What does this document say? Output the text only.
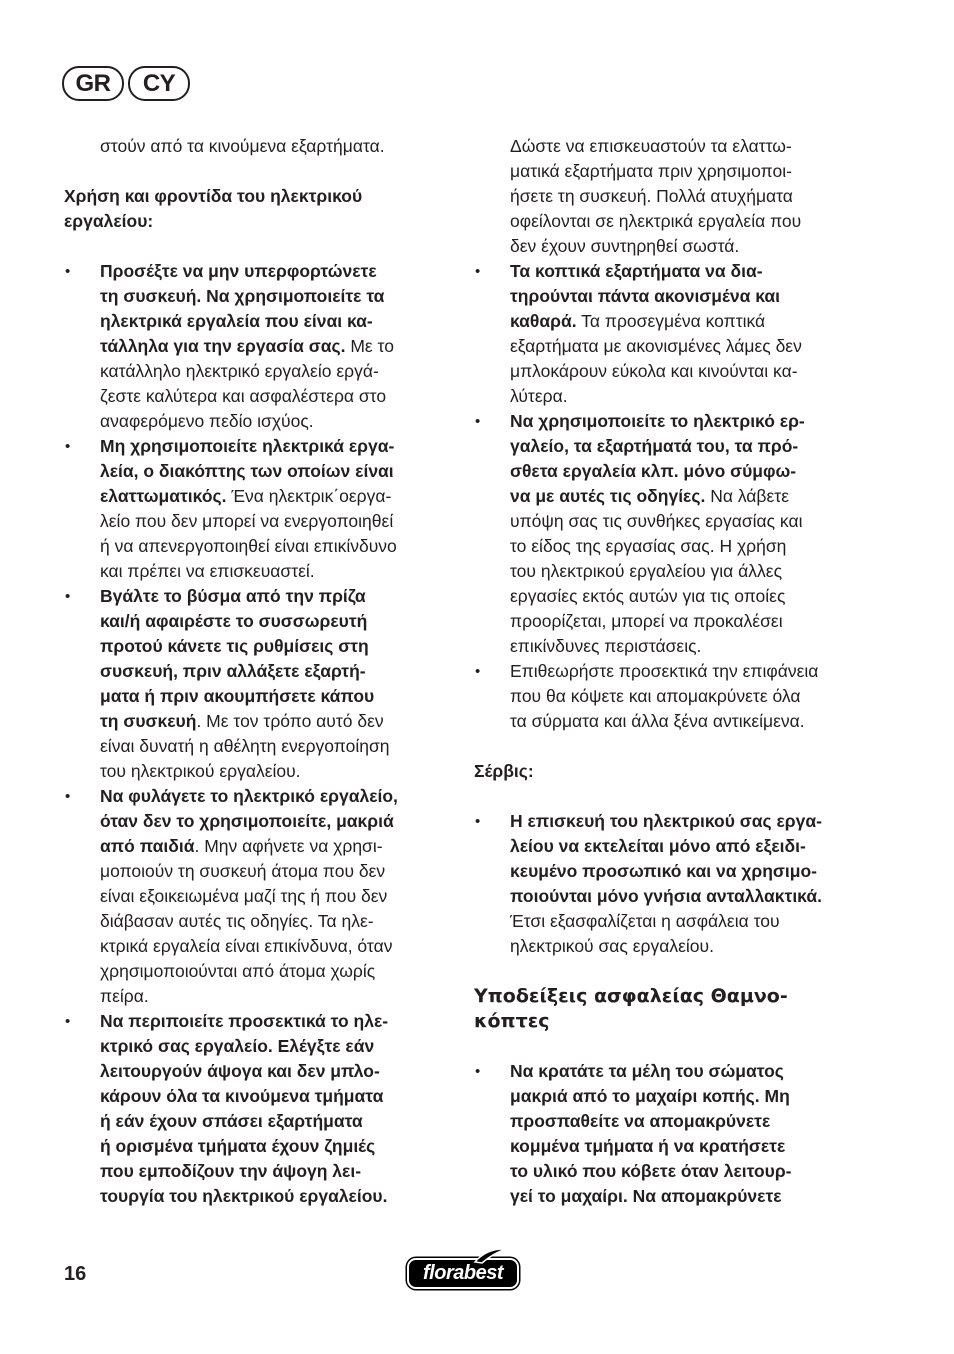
GR	CY
στούν από τα κινούμενα εξαρτήματα.
Χρήση και φροντίδα του ηλεκτρικού
εργαλείου:
• Προσέξτε να μην υπερφορτώνετε
τη συσκευή. Να χρησιμοποιείτε τα
ηλεκτρικά εργαλεία που είναι κα-
τάλληλα για την εργασία σας. Με το
κατάλληλο ηλεκτρικό εργαλείο εργά-
ζεστε καλύτερα και ασφαλέστερα στο
αναφερόμενο πεδίο ισχύος.
• Μη χρησιμοποιείτε ηλεκτρικά εργα-
λεία, ο διακόπτης των οποίων είναι
ελαττωματικός. Ένα ηλεκτρικ΄οεργα-
λείο που δεν μπορεί να ενεργοποιηθεί
ή να απενεργοποιηθεί είναι επικίνδυνο
και πρέπει να επισκευαστεί.
• Βγάλτε το βύσμα από την πρίζα
και/ή αφαιρέστε το συσσωρευτή
προτού κάνετε τις ρυθμίσεις στη
συσκευή, πριν αλλάξετε εξαρτή-
ματα ή πριν ακουμπήσετε κάπου
τη συσκευή. Με τον τρόπο αυτό δεν
είναι δυνατή η αθέλητη ενεργοποίηση
του ηλεκτρικού εργαλείου.
• Να φυλάγετε το ηλεκτρικό εργαλείο,
όταν δεν το χρησιμοποιείτε, μακριά
από παιδιά. Μην αφήνετε να χρησι-
μοποιούν τη συσκευή άτομα που δεν
είναι εξοικειωμένα μαζί της ή που δεν
διάβασαν αυτές τις οδηγίες. Τα ηλε-
κτρικά εργαλεία είναι επικίνδυνα, όταν
χρησιμοποιούνται από άτομα χωρίς
πείρα.
• Να περιποιείτε προσεκτικά το ηλε-
κτρικό σας εργαλείο. Ελέγξτε εάν
λειτουργούν άψογα και δεν μπλο-
κάρουν όλα τα κινούμενα τμήματα
ή εάν έχουν σπάσει εξαρτήματα
ή ορισμένα τμήματα έχουν ζημιές
που εμποδίζουν την άψογη λει-
τουργία του ηλεκτρικού εργαλείου.
Δώστε να επισκευαστούν τα ελαττω-
ματικά εξαρτήματα πριν χρησιμοποι-
ήσετε τη συσκευή. Πολλά ατυχήματα
οφείλονται σε ηλεκτρικά εργαλεία που
δεν έχουν συντηρηθεί σωστά.
• Τα κοπτικά εξαρτήματα να δια-
τηρούνται πάντα ακονισμένα και
καθαρά. Τα προσεγμένα κοπτικά
εξαρτήματα με ακονισμένες λάμες δεν
μπλοκάρουν εύκολα και κινούνται κα-
λύτερα.
• Να χρησιμοποιείτε το ηλεκτρικό ερ-
γαλείο, τα εξαρτήματά του, τα πρό-
σθετα εργαλεία κλπ. μόνο σύμφω-
να με αυτές τις οδηγίες. Να λάβετε
υπόψη σας τις συνθήκες εργασίας και
το είδος της εργασίας σας. Η χρήση
του ηλεκτρικού εργαλείου για άλλες
εργασίες εκτός αυτών για τις οποίες
προορίζεται, μπορεί να προκαλέσει
επικίνδυνες περιστάσεις.
• Επιθεωρήστε προσεκτικά την επιφάνεια
που θα κόψετε και απομακρύνετε όλα
τα σύρματα και άλλα ξένα αντικείμενα.
Σέρβις:
• Η επισκευή του ηλεκτρικού σας εργα-
λείου να εκτελείται μόνο από εξειδι-
κευμένο προσωπικό και να χρησιμο-
ποιούνται μόνο γνήσια ανταλλακτικά.
Έτσι εξασφαλίζεται η ασφάλεια του
ηλεκτρικού σας εργαλείου.
Υποδείξεις ασφαλείας Θαμνο-
κόπτες
• Να κρατάτε τα μέλη του σώματος
μακριά από το μαχαίρι κοπής. Μη
προσπαθείτε να απομακρύνετε
κομμένα τμήματα ή να κρατήσετε
το υλικό που κόβετε όταν λειτουρ-
γεί το μαχαίρι. Να απομακρύνετε
16	florabest
